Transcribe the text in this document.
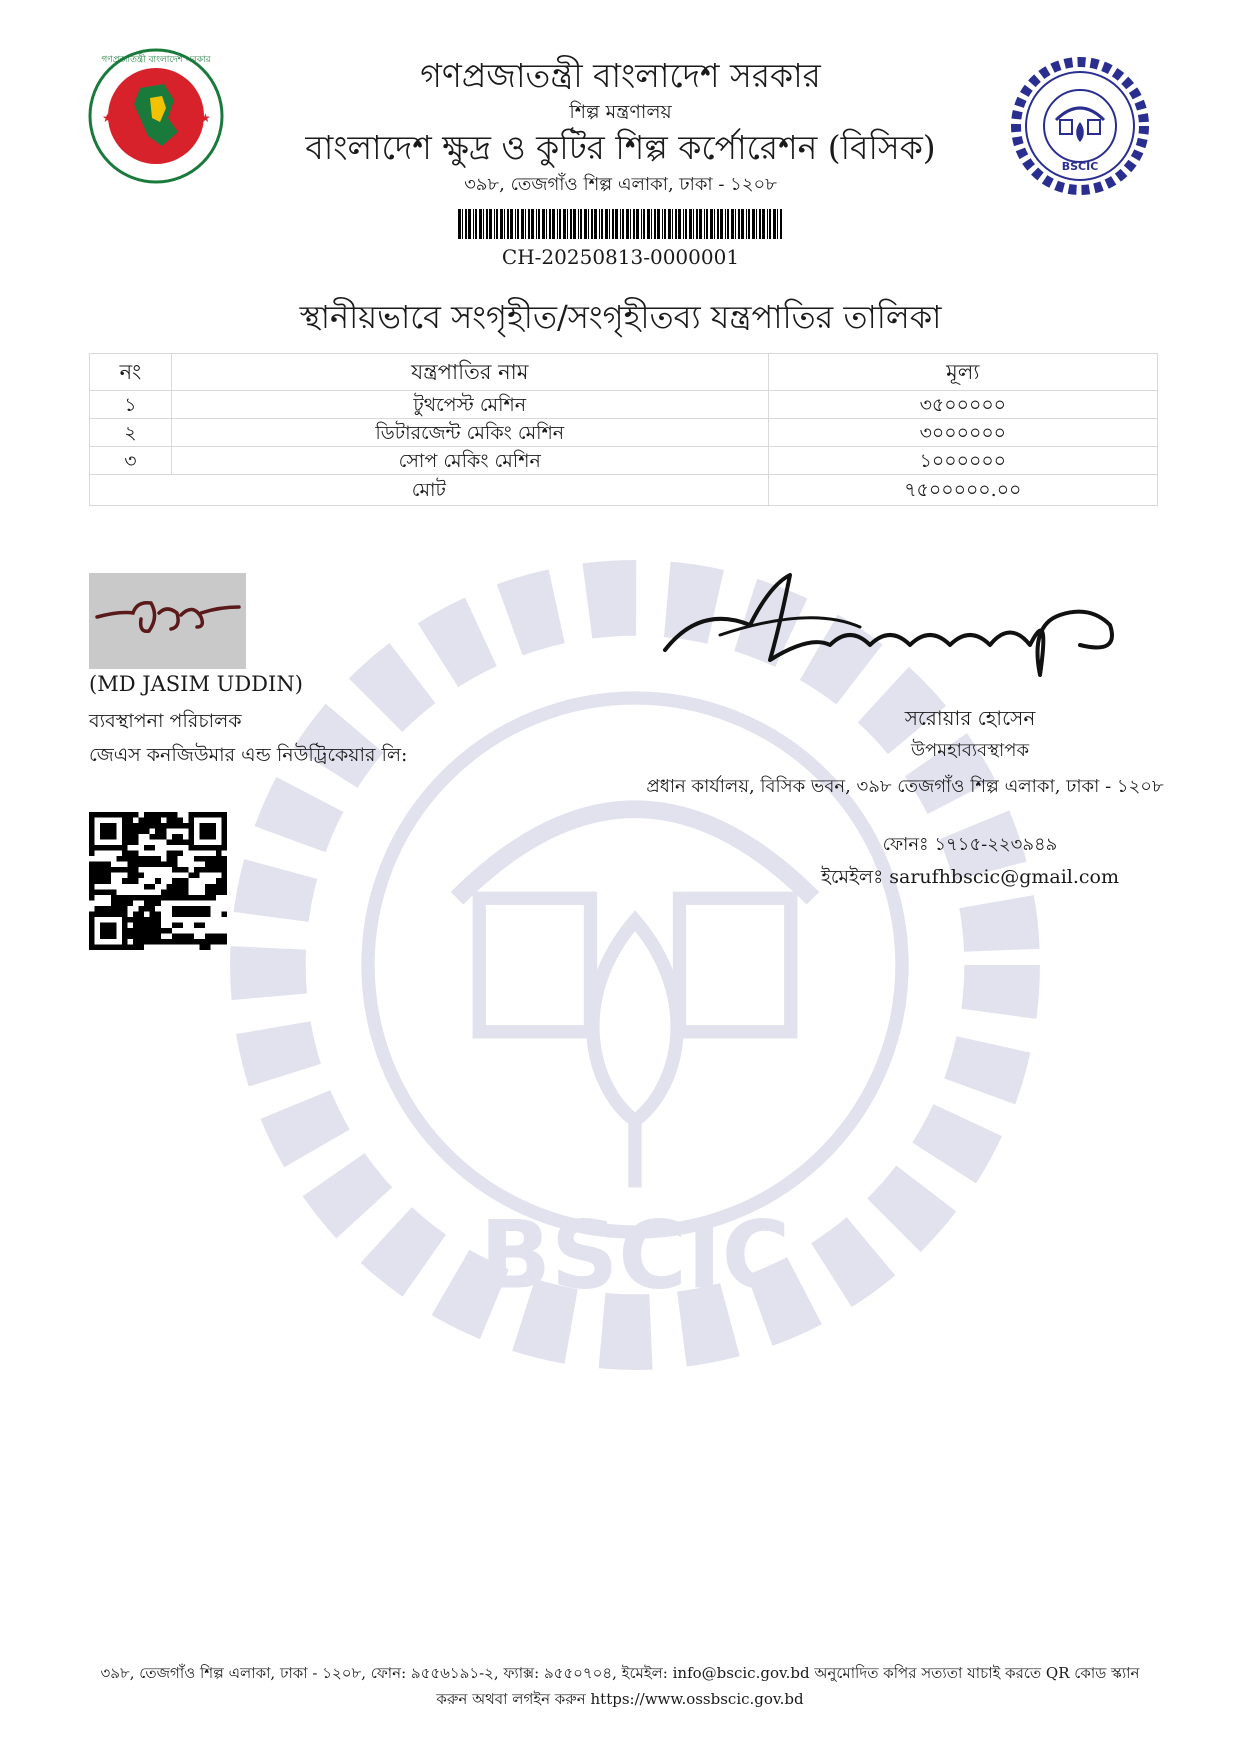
BSCIC
গণপ্রজাতন্ত্রী বাংলাদেশ সরকার
★	★
BSCIC
গণপ্রজাতন্ত্রী বাংলাদেশ সরকার
শিল্প মন্ত্রণালয়
বাংলাদেশ ক্ষুদ্র ও কুটির শিল্প কর্পোরেশন (বিসিক)
৩৯৮, তেজগাঁও শিল্প এলাকা, ঢাকা - ১২০৮
CH-20250813-0000001
স্থানীয়ভাবে সংগৃহীত/সংগৃহীতব্য যন্ত্রপাতির তালিকা
নং	যন্ত্রপাতির নাম	মূল্য
১	টুথপেস্ট মেশিন	৩৫০০০০০
২	ডিটারজেন্ট মেকিং মেশিন	৩০০০০০০
৩	সোপ মেকিং মেশিন	১০০০০০০
মোট		৭৫০০০০০.০০
(MD JASIM UDDIN)
ব্যবস্থাপনা পরিচালক
জেএস কনজিউমার এন্ড নিউট্রিকেয়ার লি:
সরোয়ার হোসেন
উপমহাব্যবস্থাপক
প্রধান কার্যালয়, বিসিক ভবন, ৩৯৮ তেজগাঁও শিল্প এলাকা, ঢাকা - ১২০৮
ফোনঃ ১৭১৫-২২৩৯৪৯
ইমেইলঃ sarufhbscic@gmail.com
৩৯৮, তেজগাঁও শিল্প এলাকা, ঢাকা - ১২০৮, ফোন: ৯৫৫৬১৯১-২, ফ্যাক্স: ৯৫৫০৭০৪, ইমেইল: info@bscic.gov.bd অনুমোদিত কপির সত্যতা যাচাই করতে QR কোড স্ক্যান করুন অথবা লগইন করুন https://www.ossbscic.gov.bd
